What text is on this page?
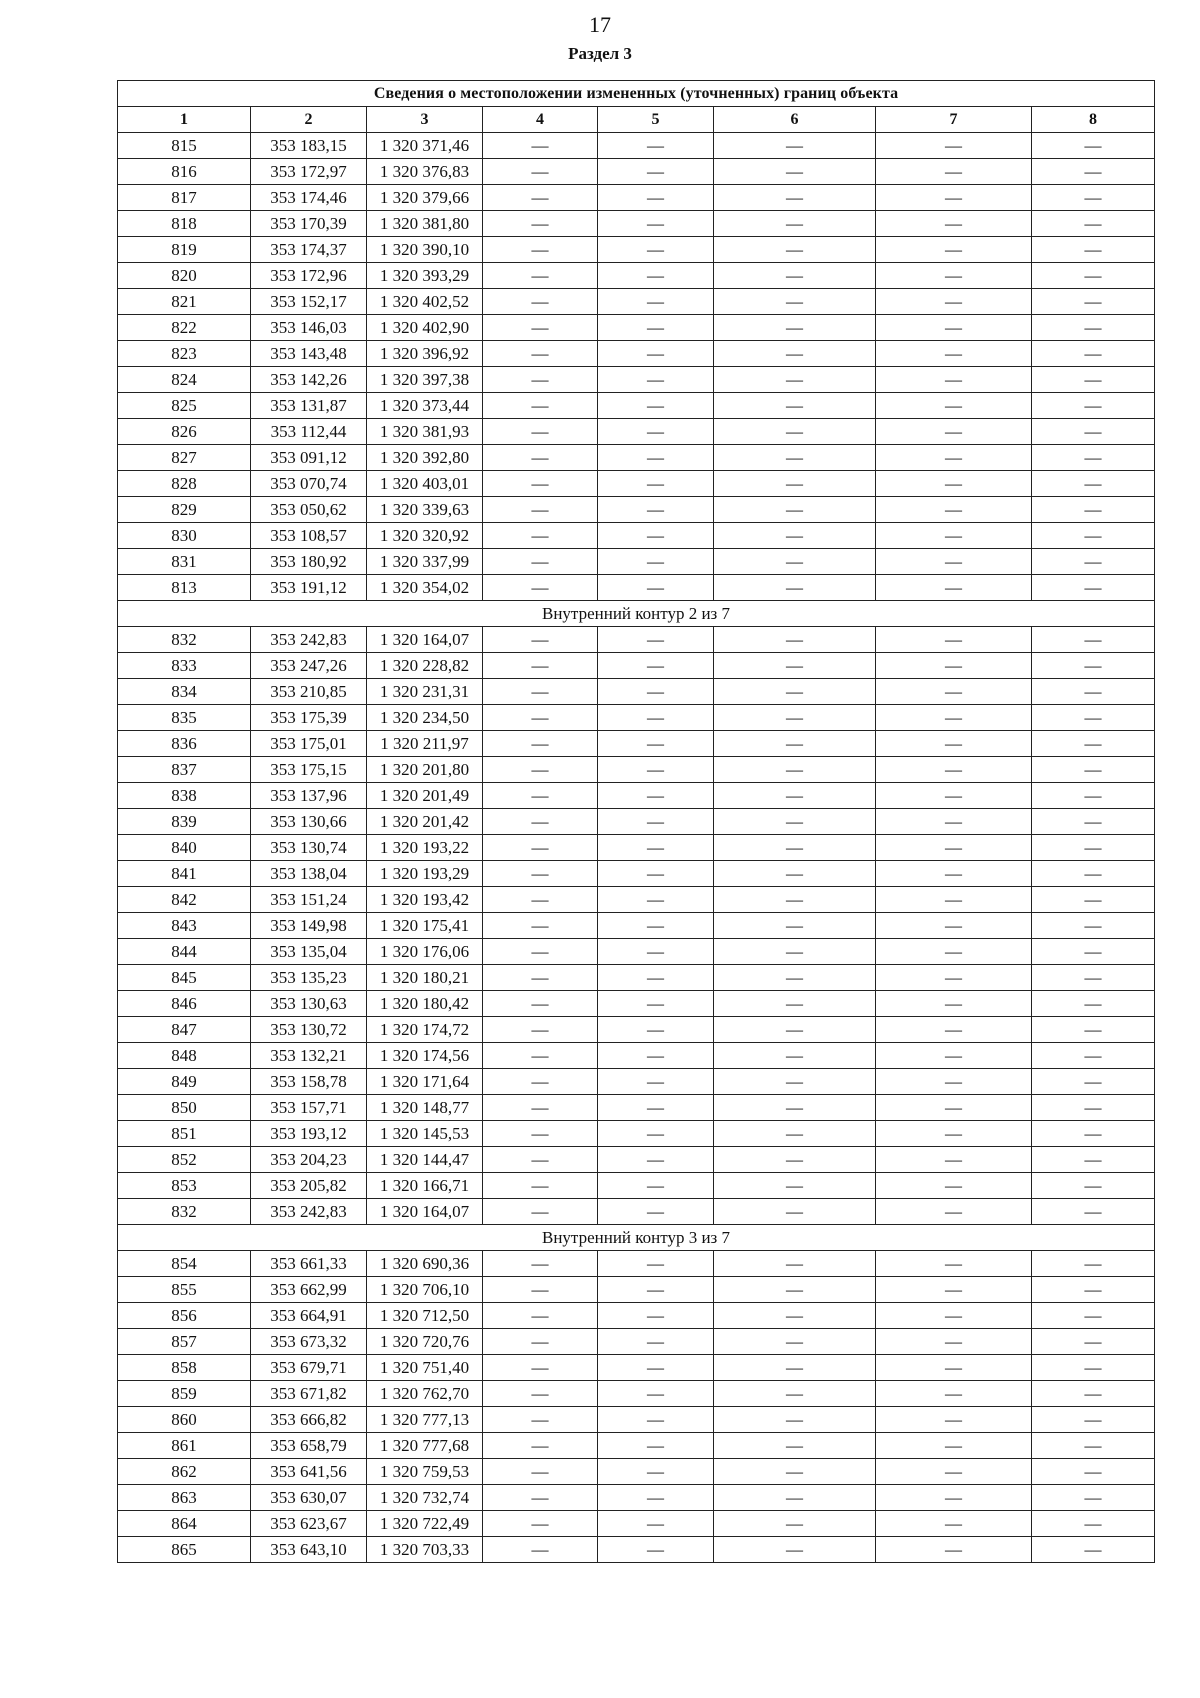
17
Раздел 3
Сведения о местоположении измененных (уточненных) границ объекта							
1	2	3	4	5	6	7	8
815	353 183,15	1 320 371,46	—	—	—	—	—
816	353 172,97	1 320 376,83	—	—	—	—	—
817	353 174,46	1 320 379,66	—	—	—	—	—
818	353 170,39	1 320 381,80	—	—	—	—	—
819	353 174,37	1 320 390,10	—	—	—	—	—
820	353 172,96	1 320 393,29	—	—	—	—	—
821	353 152,17	1 320 402,52	—	—	—	—	—
822	353 146,03	1 320 402,90	—	—	—	—	—
823	353 143,48	1 320 396,92	—	—	—	—	—
824	353 142,26	1 320 397,38	—	—	—	—	—
825	353 131,87	1 320 373,44	—	—	—	—	—
826	353 112,44	1 320 381,93	—	—	—	—	—
827	353 091,12	1 320 392,80	—	—	—	—	—
828	353 070,74	1 320 403,01	—	—	—	—	—
829	353 050,62	1 320 339,63	—	—	—	—	—
830	353 108,57	1 320 320,92	—	—	—	—	—
831	353 180,92	1 320 337,99	—	—	—	—	—
813	353 191,12	1 320 354,02	—	—	—	—	—
Внутренний контур 2 из 7							
832	353 242,83	1 320 164,07	—	—	—	—	—
833	353 247,26	1 320 228,82	—	—	—	—	—
834	353 210,85	1 320 231,31	—	—	—	—	—
835	353 175,39	1 320 234,50	—	—	—	—	—
836	353 175,01	1 320 211,97	—	—	—	—	—
837	353 175,15	1 320 201,80	—	—	—	—	—
838	353 137,96	1 320 201,49	—	—	—	—	—
839	353 130,66	1 320 201,42	—	—	—	—	—
840	353 130,74	1 320 193,22	—	—	—	—	—
841	353 138,04	1 320 193,29	—	—	—	—	—
842	353 151,24	1 320 193,42	—	—	—	—	—
843	353 149,98	1 320 175,41	—	—	—	—	—
844	353 135,04	1 320 176,06	—	—	—	—	—
845	353 135,23	1 320 180,21	—	—	—	—	—
846	353 130,63	1 320 180,42	—	—	—	—	—
847	353 130,72	1 320 174,72	—	—	—	—	—
848	353 132,21	1 320 174,56	—	—	—	—	—
849	353 158,78	1 320 171,64	—	—	—	—	—
850	353 157,71	1 320 148,77	—	—	—	—	—
851	353 193,12	1 320 145,53	—	—	—	—	—
852	353 204,23	1 320 144,47	—	—	—	—	—
853	353 205,82	1 320 166,71	—	—	—	—	—
832	353 242,83	1 320 164,07	—	—	—	—	—
Внутренний контур 3 из 7							
854	353 661,33	1 320 690,36	—	—	—	—	—
855	353 662,99	1 320 706,10	—	—	—	—	—
856	353 664,91	1 320 712,50	—	—	—	—	—
857	353 673,32	1 320 720,76	—	—	—	—	—
858	353 679,71	1 320 751,40	—	—	—	—	—
859	353 671,82	1 320 762,70	—	—	—	—	—
860	353 666,82	1 320 777,13	—	—	—	—	—
861	353 658,79	1 320 777,68	—	—	—	—	—
862	353 641,56	1 320 759,53	—	—	—	—	—
863	353 630,07	1 320 732,74	—	—	—	—	—
864	353 623,67	1 320 722,49	—	—	—	—	—
865	353 643,10	1 320 703,33	—	—	—	—	—
